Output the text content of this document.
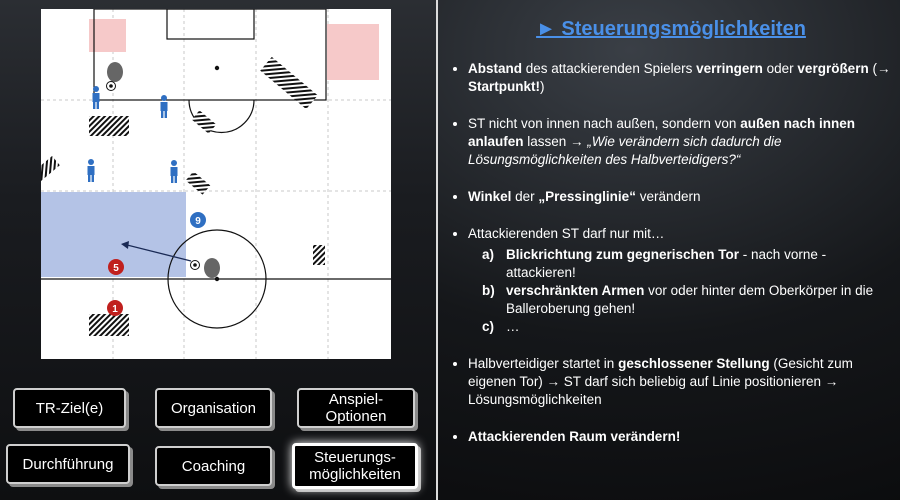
9
5
1
TR-Ziel(e)	Organisation	Anspiel-
Optionen
Durchführung	Coaching	Steuerungs-
möglichkeiten
► Steuerungsmöglichkeiten
• Abstand des attackierenden Spielers verringern oder vergrößern (→ Startpunkt!)
• ST nicht von innen nach außen, sondern von außen nach innen anlaufen lassen → „Wie verändern sich dadurch die Lösungsmöglichkeiten des Halbverteidigers?“
• Winkel der „Pressinglinie“ verändern
• Attackierenden ST darf nur mit…
a) Blickrichtung zum gegnerischen Tor - nach vorne - attackieren!
b) verschränkten Armen vor oder hinter dem Oberkörper in die Balleroberung gehen!
c) …
• Halbverteidiger startet in geschlossener Stellung (Gesicht zum eigenen Tor) → ST darf sich beliebig auf Linie positionieren → Lösungsmöglichkeiten
• Attackierenden Raum verändern!
